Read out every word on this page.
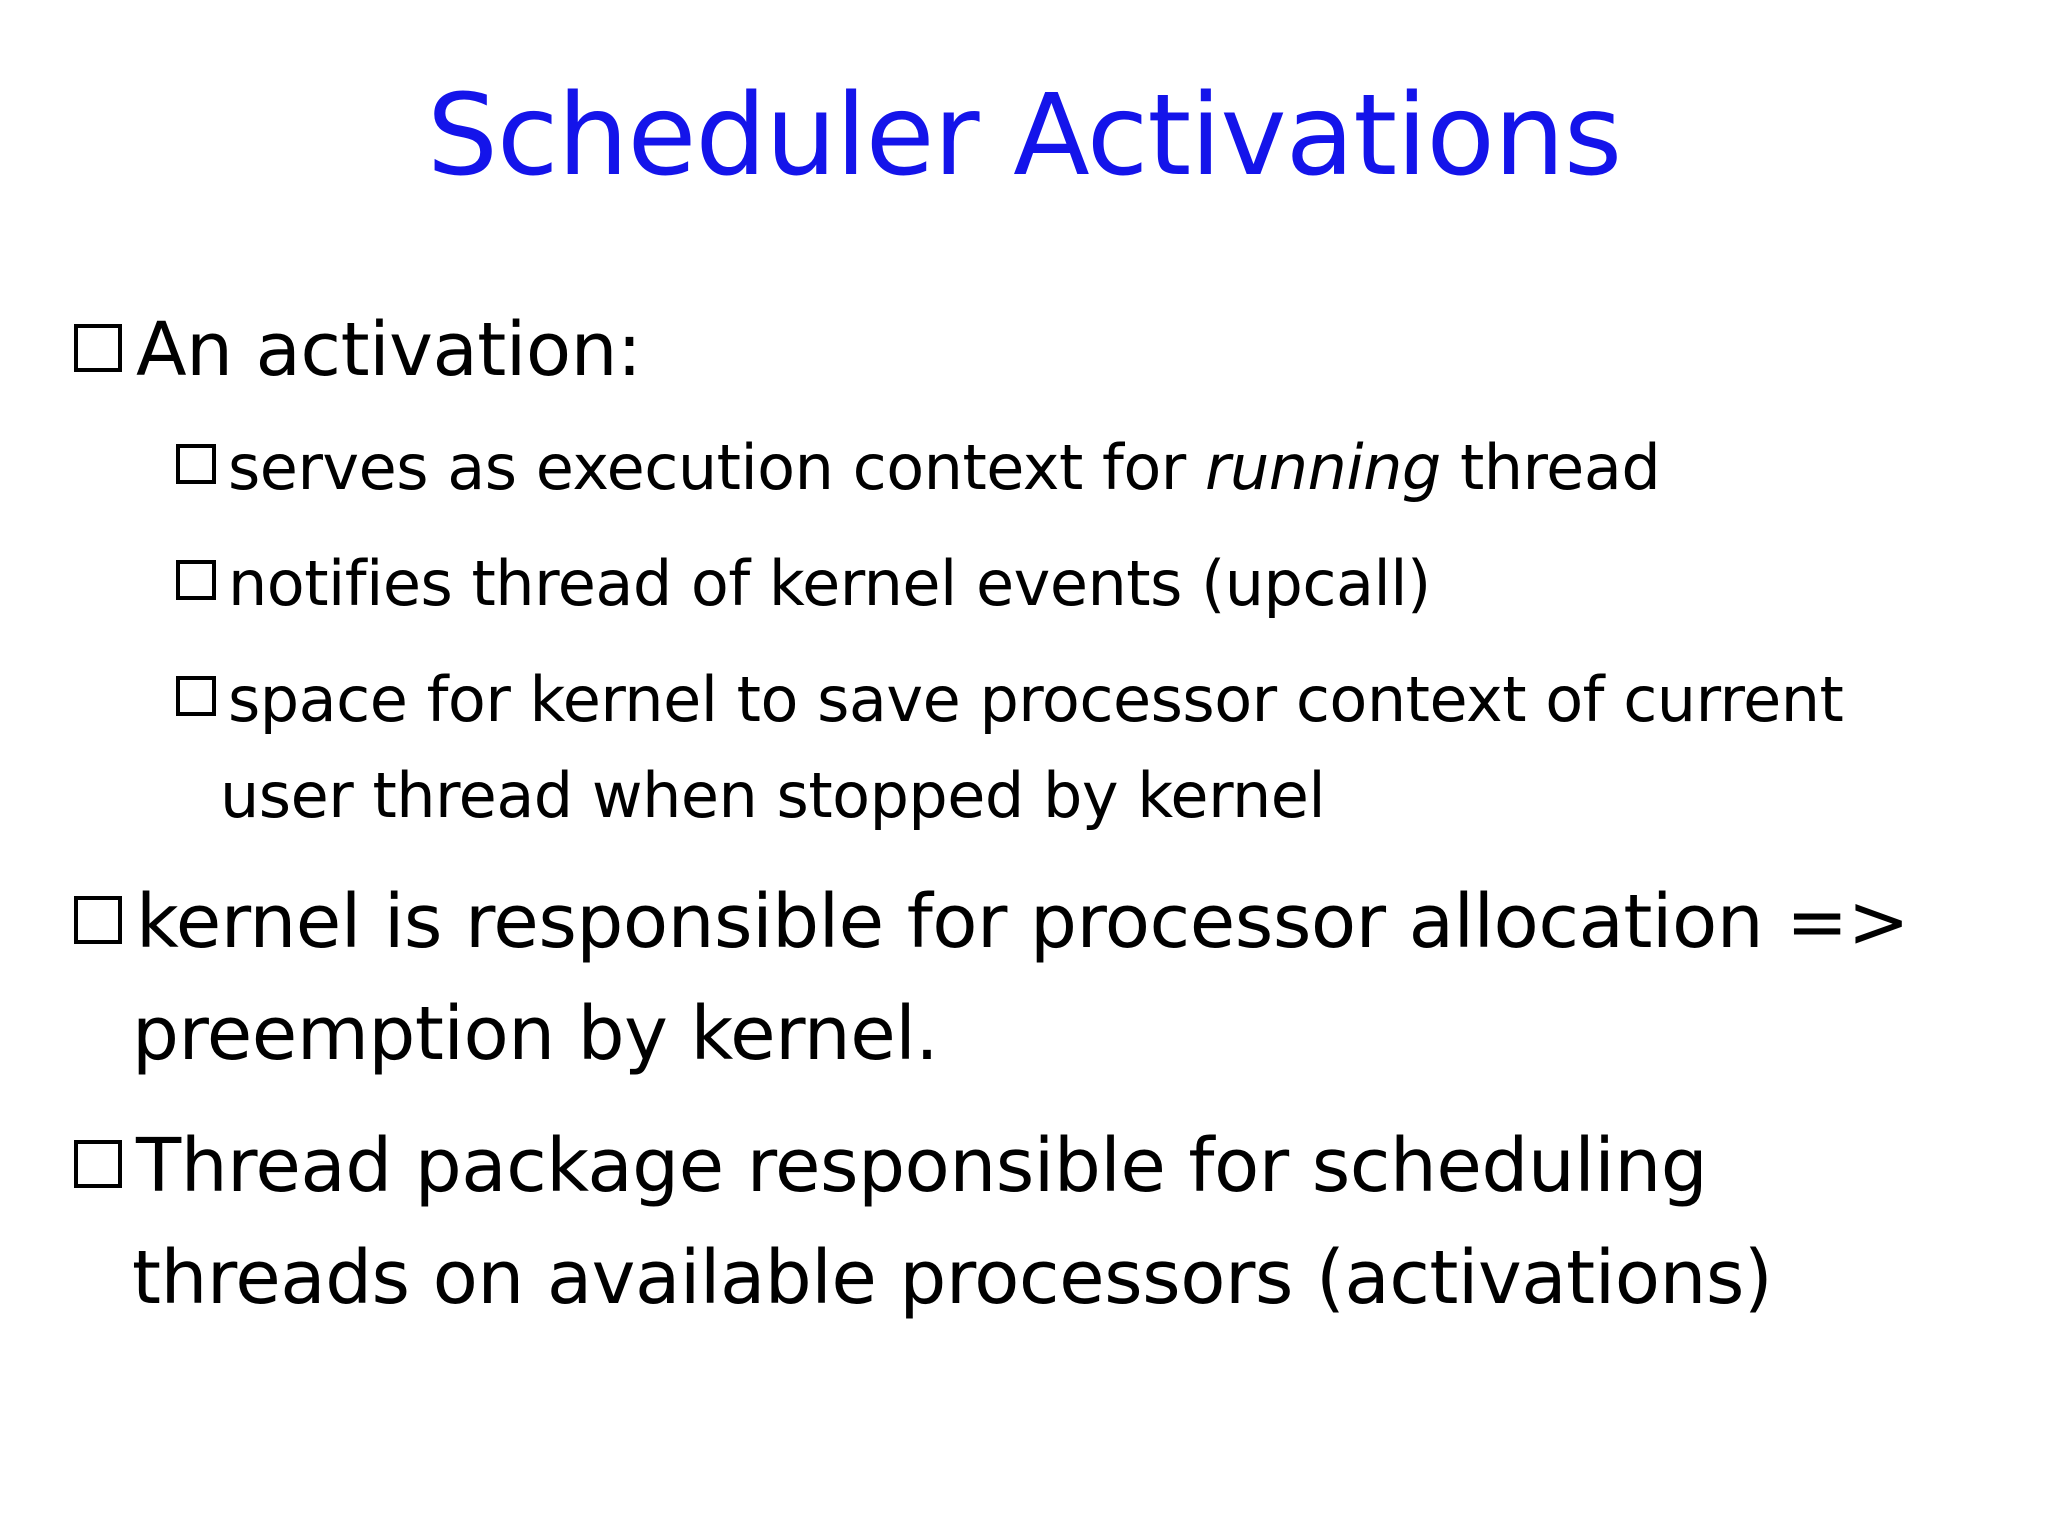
Scheduler Activations
An activation:
serves as execution context for running thread
notifies thread of kernel events (upcall)
space for kernel to save processor context of current
user thread when stopped by kernel
kernel is responsible for processor allocation =>
preemption by kernel.
Thread package responsible for scheduling
threads on available processors (activations)
